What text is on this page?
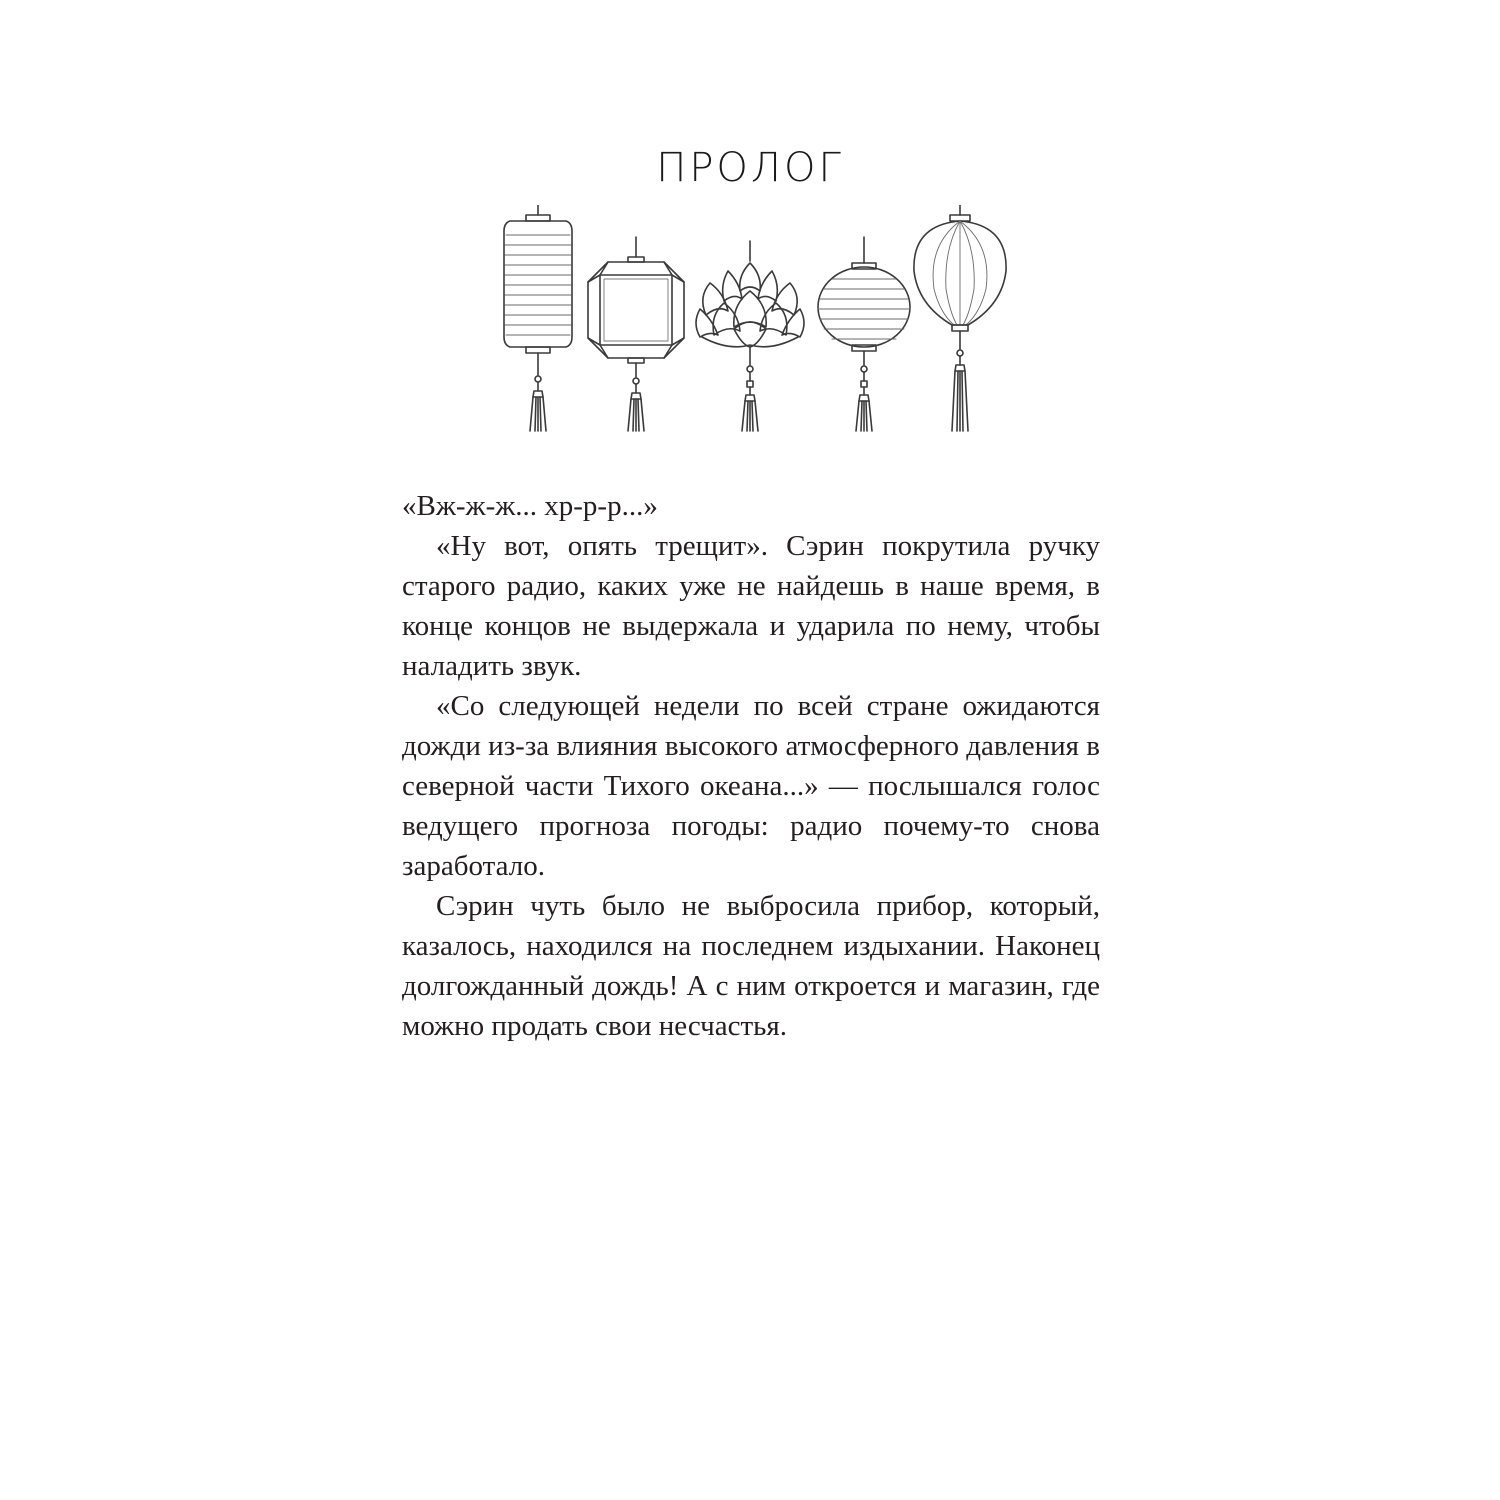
ПРОЛОГ

«Вж-ж-ж... хр-р-р...»

«Ну вот, опять трещит». Сэрин покрутила ручку старого радио, каких уже не найдешь в наше время, в конце концов не выдержала и ударила по нему, чтобы наладить звук.

«Со следующей недели по всей стране ожидаются дожди из-за влияния высокого атмосферного давления в северной части Тихого океана...» — послышался голос ведущего прогноза погоды: радио почему-то снова заработало.

Сэрин чуть было не выбросила прибор, который, казалось, находился на последнем издыхании. Наконец долгожданный дождь! А с ним откроется и магазин, где можно продать свои несчастья.
